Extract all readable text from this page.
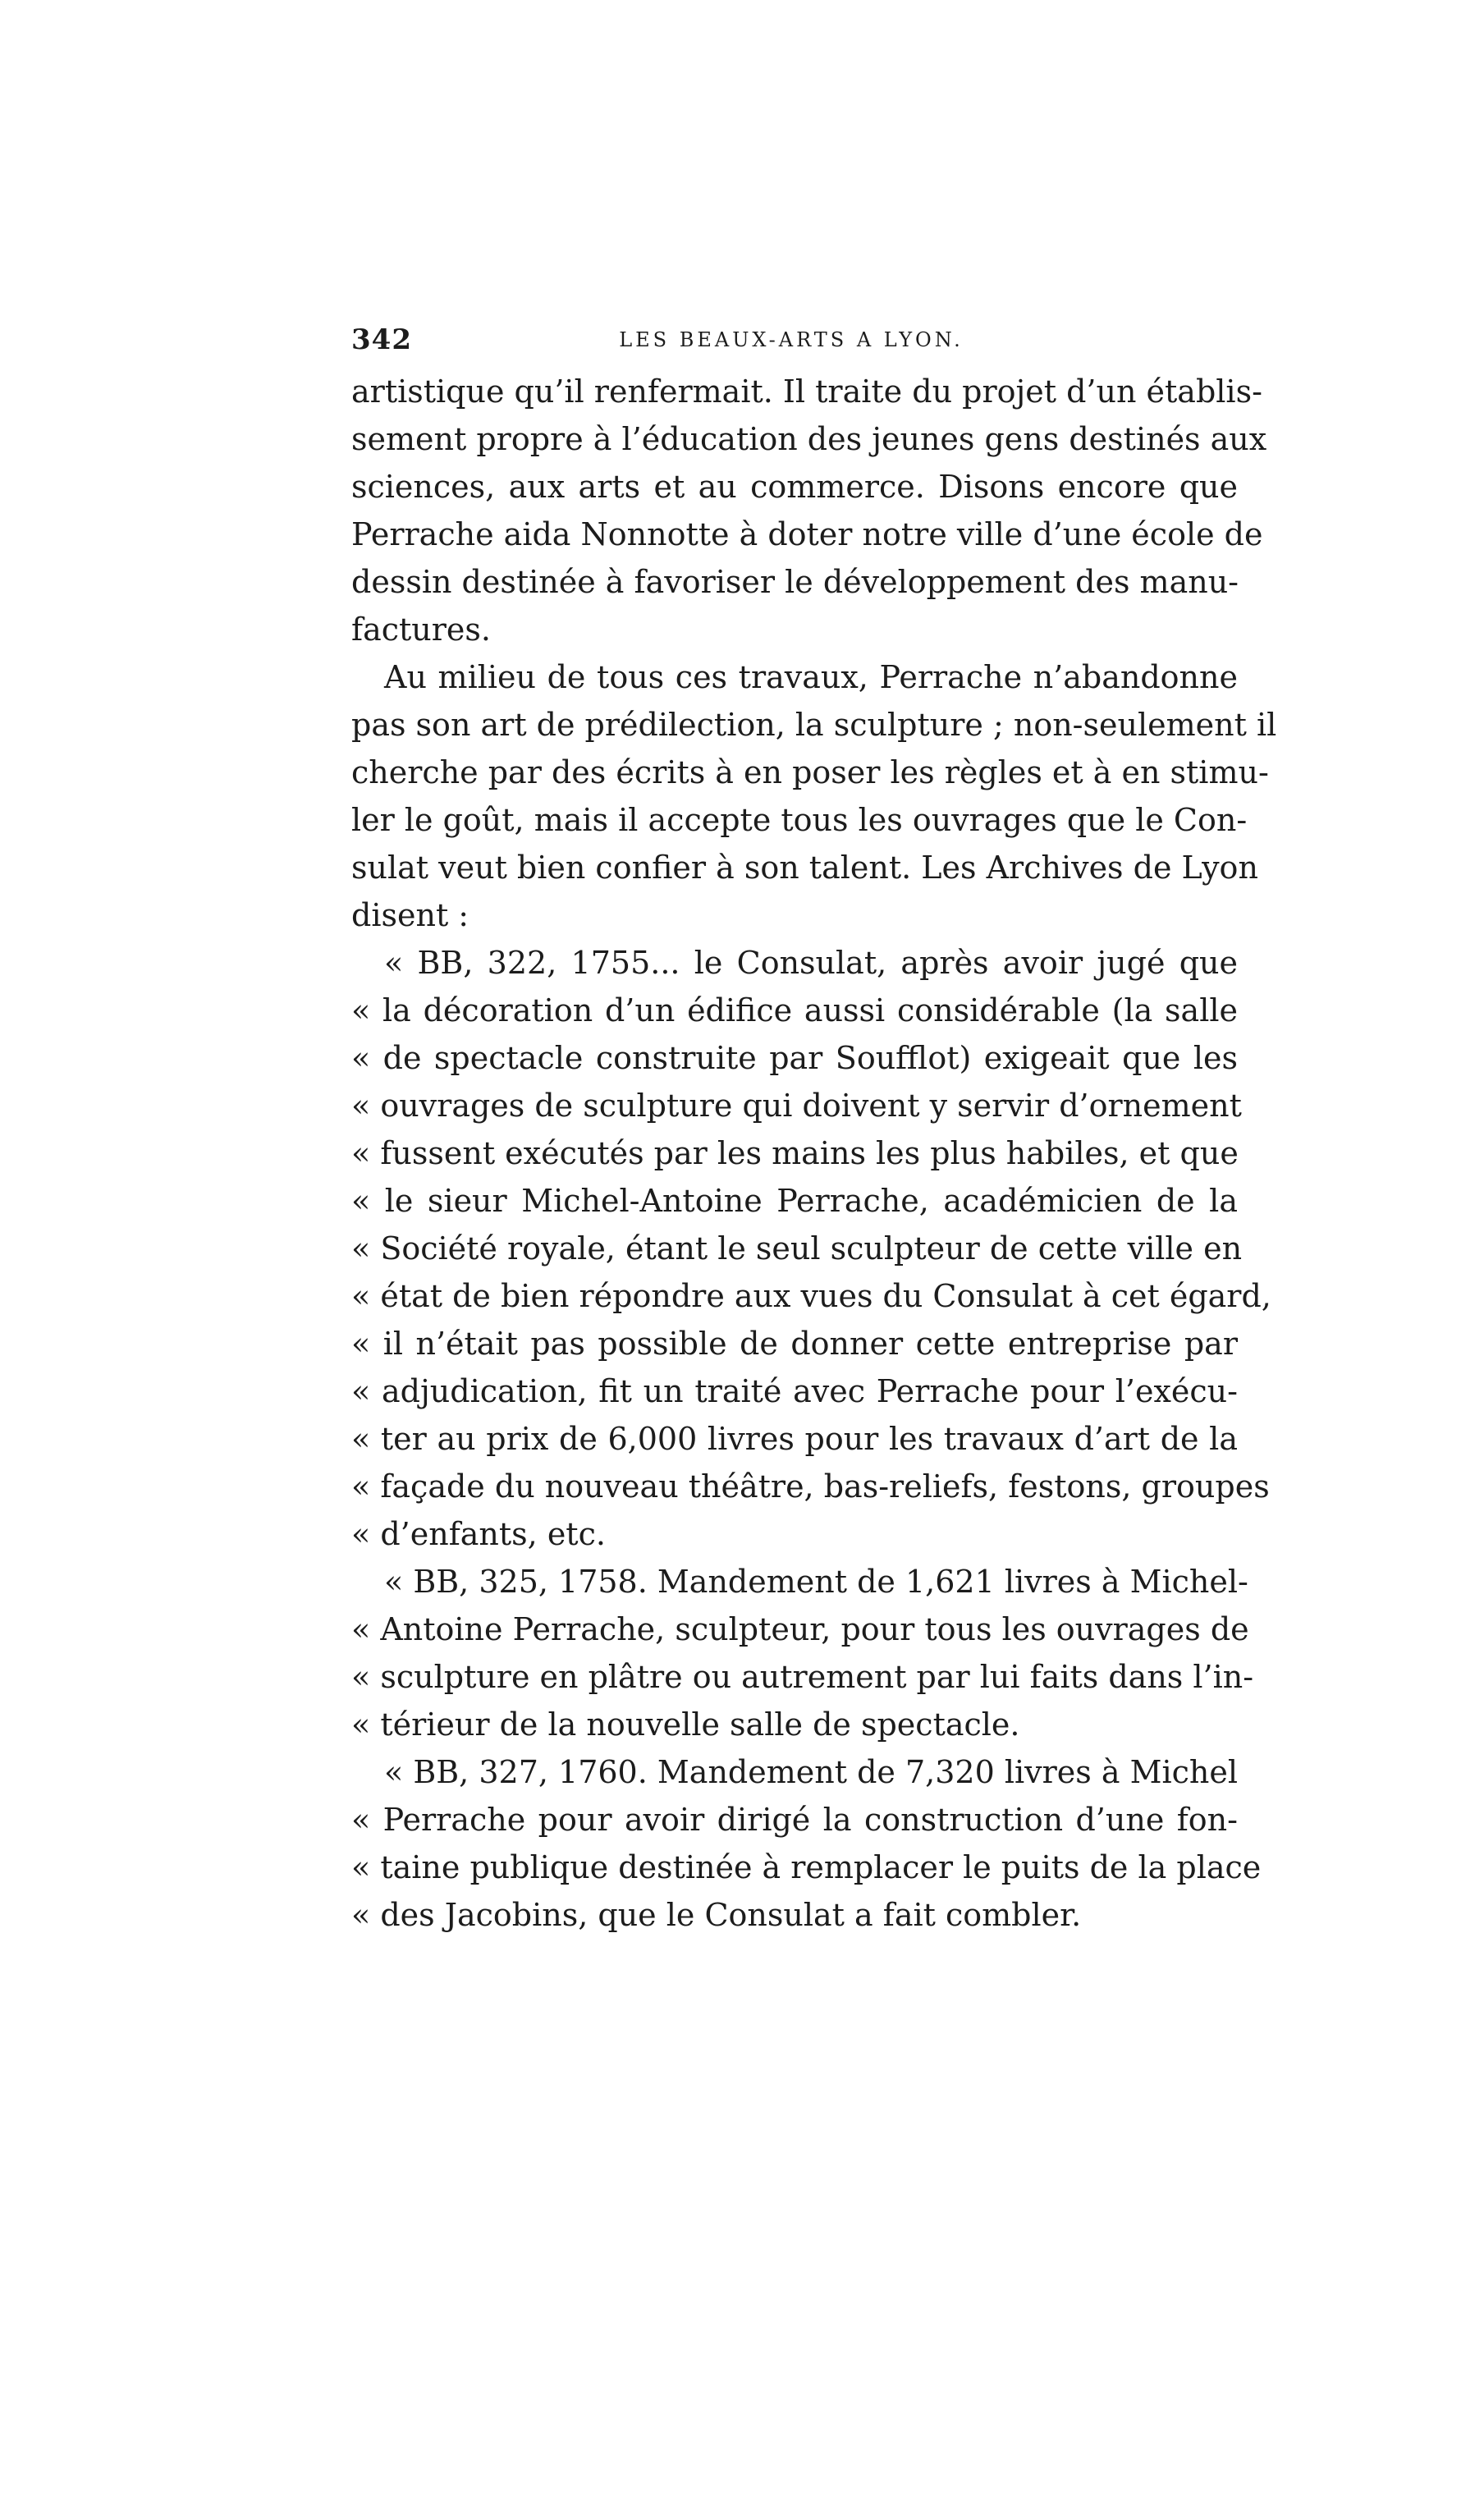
342	LES BEAUX-ARTS A LYON.
artistique qu’il renfermait. Il traite du projet d’un établis-
sement propre à l’éducation des jeunes gens destinés aux
sciences, aux arts et au commerce. Disons encore que
Perrache aida Nonnotte à doter notre ville d’une école de
dessin destinée à favoriser le développement des manu-
factures.
Au milieu de tous ces travaux, Perrache n’abandonne
pas son art de prédilection, la sculpture ; non-seulement il
cherche par des écrits à en poser les règles et à en stimu-
ler le goût, mais il accepte tous les ouvrages que le Con-
sulat veut bien confier à son talent. Les Archives de Lyon
disent :
« BB, 322, 1755... le Consulat, après avoir jugé que
« la décoration d’un édifice aussi considérable (la salle
« de spectacle construite par Soufflot) exigeait que les
« ouvrages de sculpture qui doivent y servir d’ornement
« fussent exécutés par les mains les plus habiles, et que
« le sieur Michel-Antoine Perrache, académicien de la
« Société royale, étant le seul sculpteur de cette ville en
« état de bien répondre aux vues du Consulat à cet égard,
« il n’était pas possible de donner cette entreprise par
« adjudication, fit un traité avec Perrache pour l’exécu-
« ter au prix de 6,000 livres pour les travaux d’art de la
« façade du nouveau théâtre, bas-reliefs, festons, groupes
« d’enfants, etc.
« BB, 325, 1758. Mandement de 1,621 livres à Michel-
« Antoine Perrache, sculpteur, pour tous les ouvrages de
« sculpture en plâtre ou autrement par lui faits dans l’in-
« térieur de la nouvelle salle de spectacle.
« BB, 327, 1760. Mandement de 7,320 livres à Michel
« Perrache pour avoir dirigé la construction d’une fon-
« taine publique destinée à remplacer le puits de la place
« des Jacobins, que le Consulat a fait combler.
